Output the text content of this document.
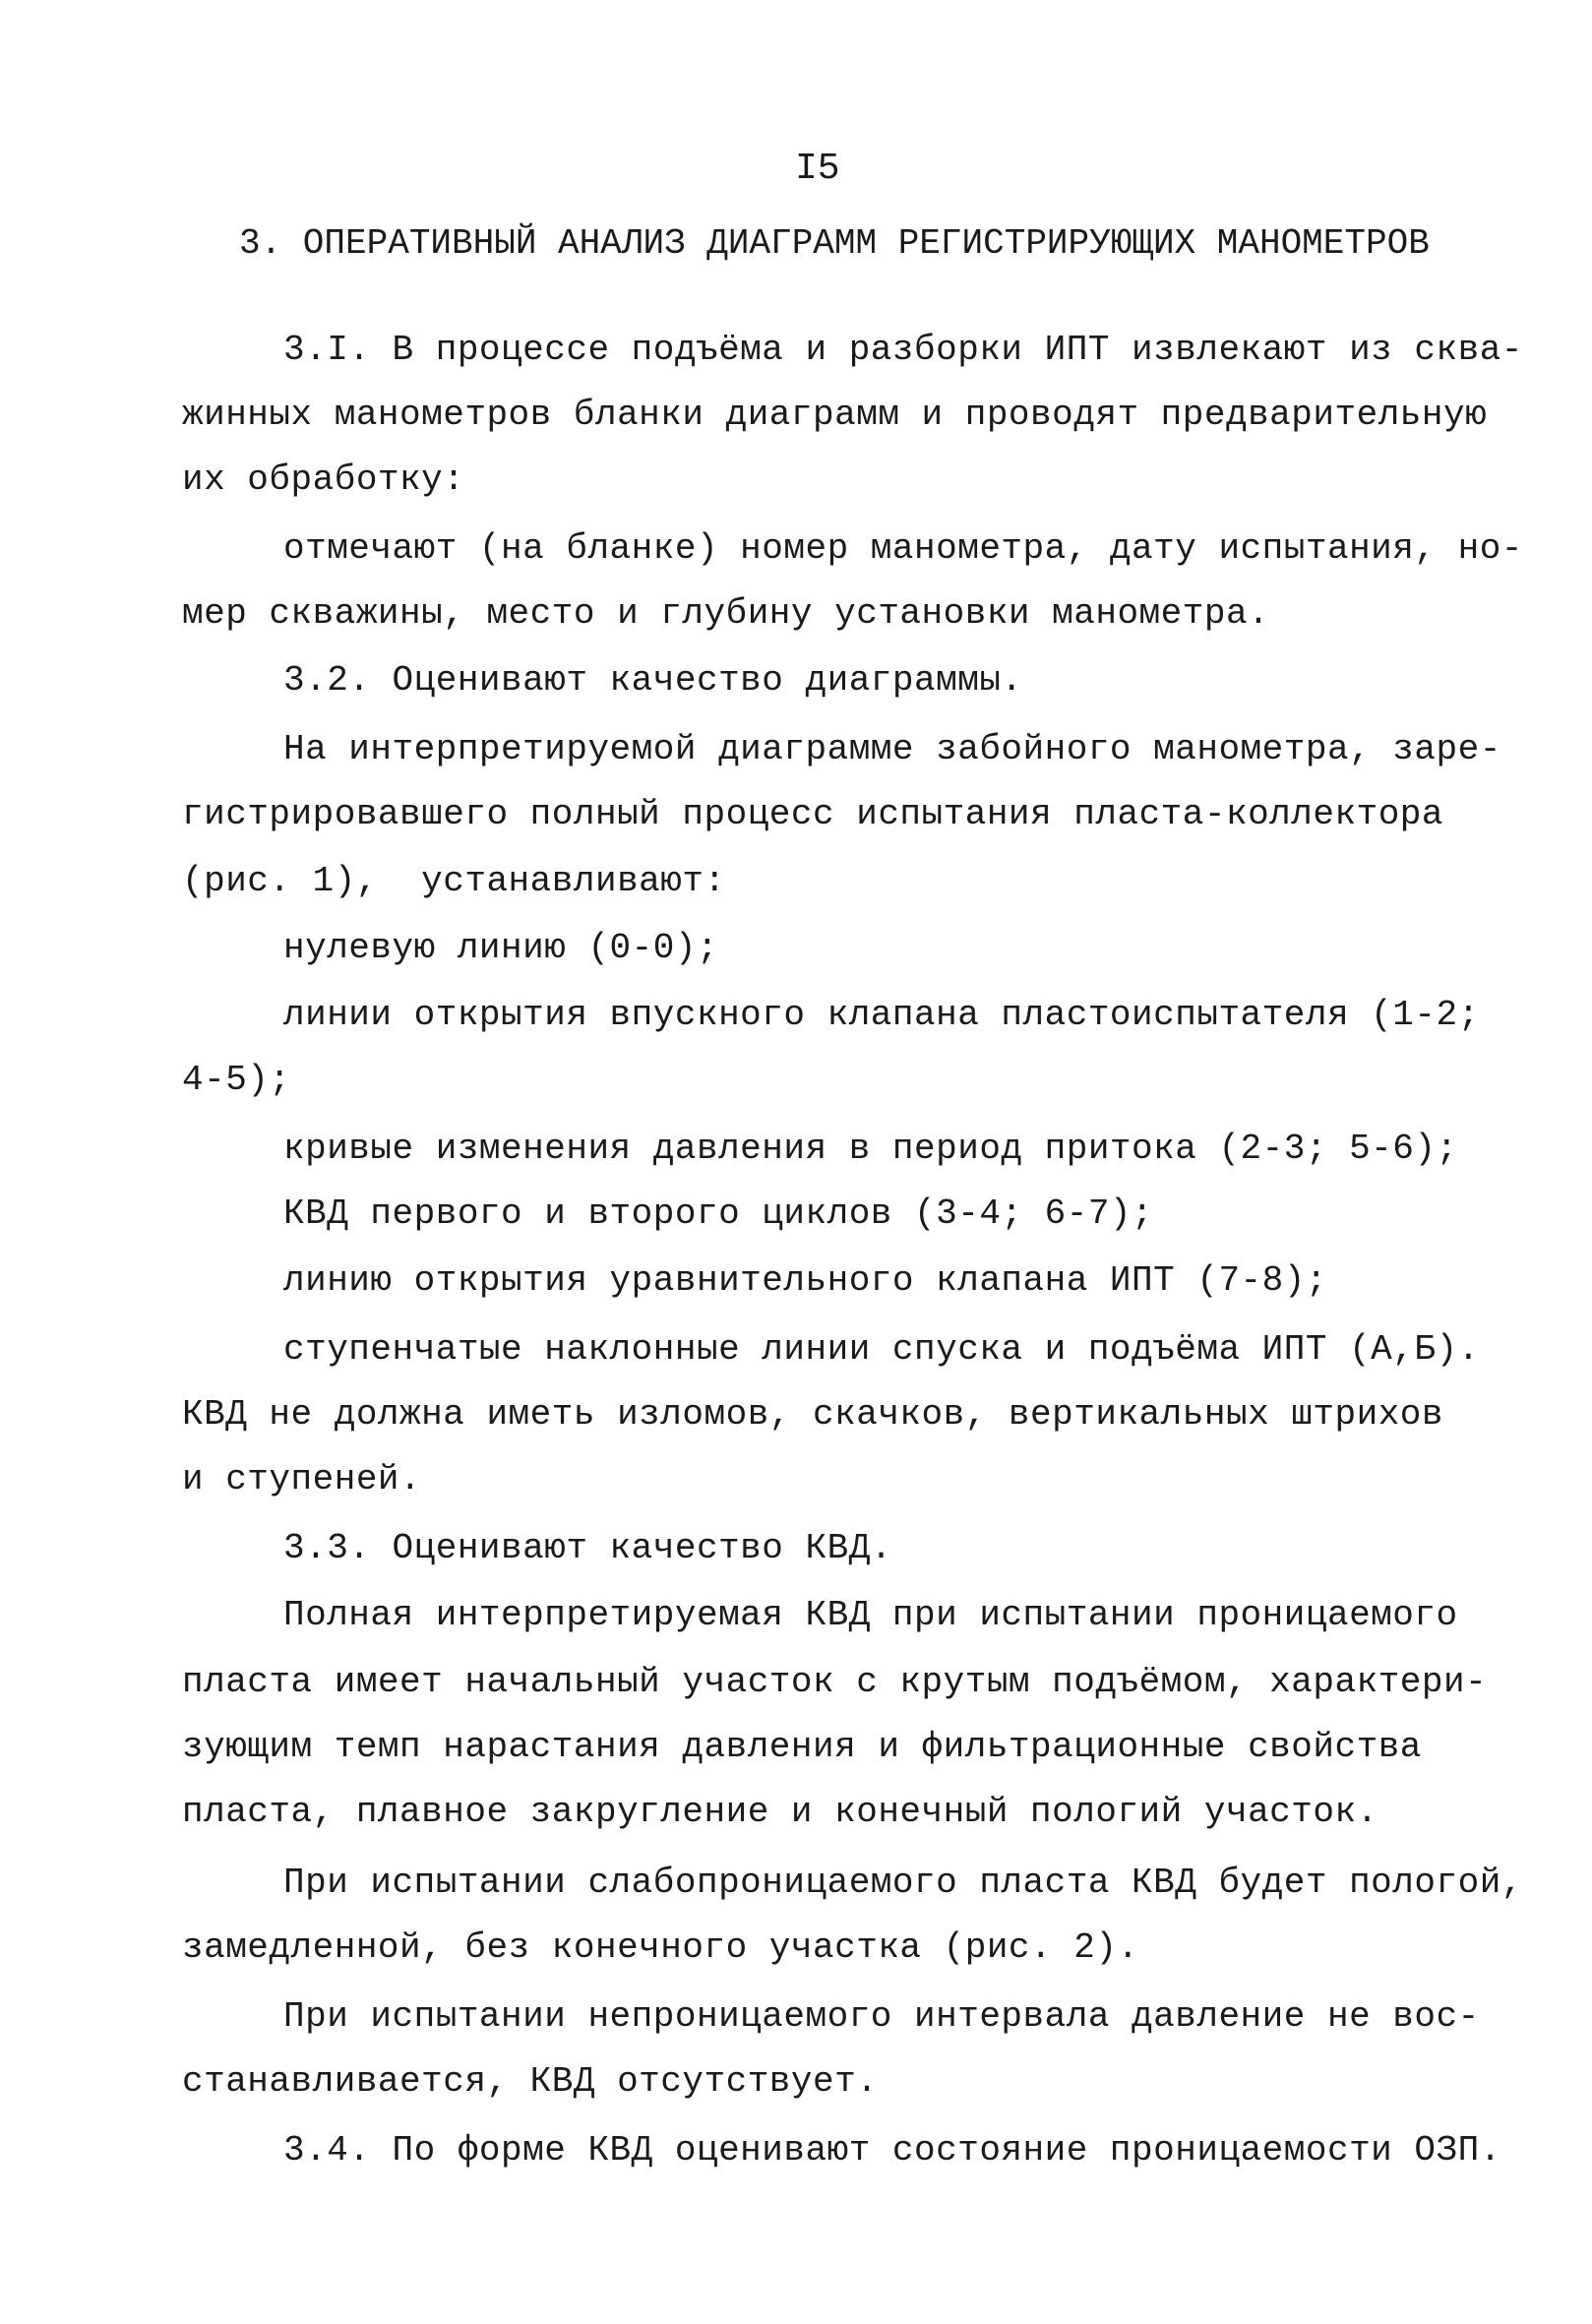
I5
3. ОПЕРАТИВНЫЙ АНАЛИЗ ДИАГРАММ РЕГИСТРИРУЮЩИХ МАНОМЕТРОВ
3.I. В процессе подъёма и разборки ИПТ извлекают из сква-
жинных манометров бланки диаграмм и проводят предварительную
их обработку:
отмечают (на бланке) номер манометра, дату испытания, но-
мер скважины, место и глубину установки манометра.
3.2. Оценивают качество диаграммы.
На интерпретируемой диаграмме забойного манометра, заре-
гистрировавшего полный процесс испытания пласта-коллектора
(рис. 1),  устанавливают:
нулевую линию (0-0);
линии открытия впускного клапана пластоиспытателя (1-2;
4-5);
кривые изменения давления в период притока (2-3; 5-6);
КВД первого и второго циклов (3-4; 6-7);
линию открытия уравнительного клапана ИПТ (7-8);
ступенчатые наклонные линии спуска и подъёма ИПТ (А,Б).
КВД не должна иметь изломов, скачков, вертикальных штрихов
и ступеней.
3.3. Оценивают качество КВД.
Полная интерпретируемая КВД при испытании проницаемого
пласта имеет начальный участок с крутым подъёмом, характери-
зующим темп нарастания давления и фильтрационные свойства
пласта, плавное закругление и конечный пологий участок.
При испытании слабопроницаемого пласта КВД будет пологой,
замедленной, без конечного участка (рис. 2).
При испытании непроницаемого интервала давление не вос-
станавливается, КВД отсутствует.
3.4. По форме КВД оценивают состояние проницаемости ОЗП.
